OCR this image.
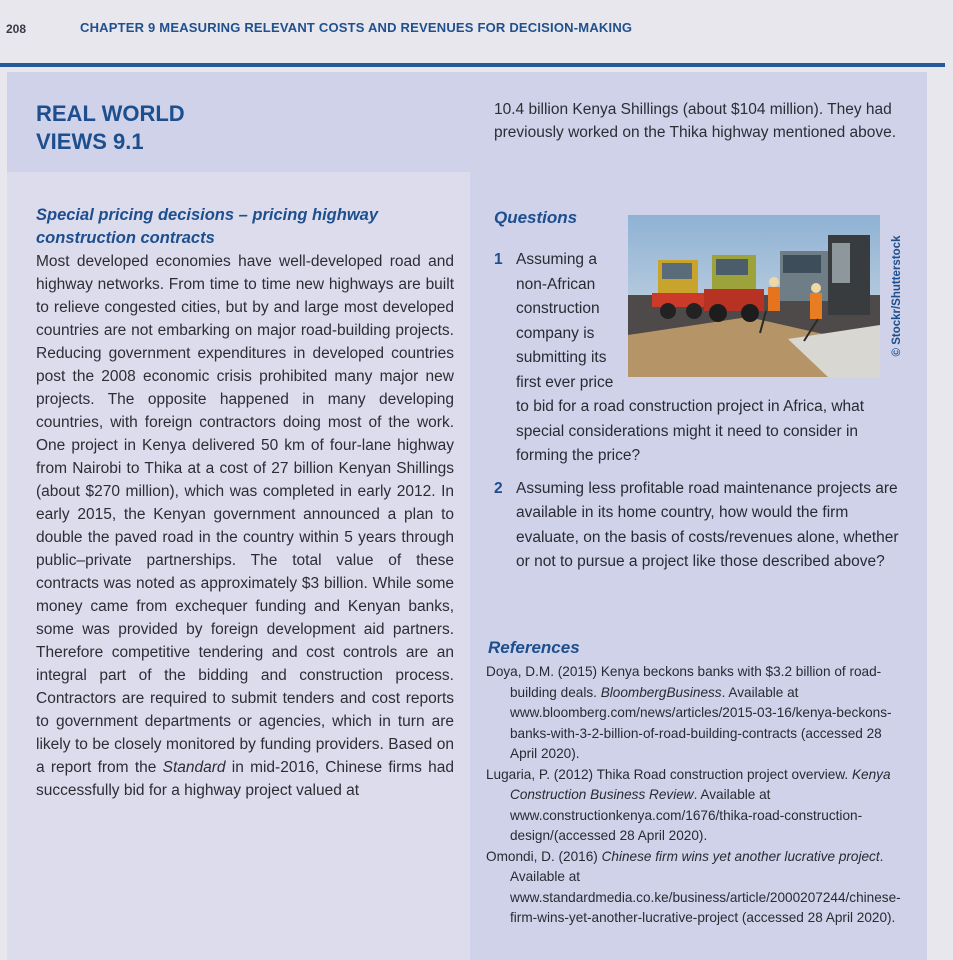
208	CHAPTER 9 MEASURING RELEVANT COSTS AND REVENUES FOR DECISION-MAKING
REAL WORLD
VIEWS 9.1
Special pricing decisions – pricing highway construction contracts
Most developed economies have well-developed road and highway networks. From time to time new highways are built to relieve congested cities, but by and large most developed countries are not embarking on major road-building projects. Reducing government expenditures in developed countries post the 2008 economic crisis prohibited many major new projects. The opposite happened in many developing countries, with foreign contractors doing most of the work. One project in Kenya delivered 50 km of four-lane highway from Nairobi to Thika at a cost of 27 billion Kenyan Shillings (about $270 million), which was completed in early 2012. In early 2015, the Kenyan government announced a plan to double the paved road in the country within 5 years through public–private partnerships. The total value of these contracts was noted as approximately $3 billion. While some money came from exchequer funding and Kenyan banks, some was provided by foreign development aid partners. Therefore competitive tendering and cost controls are an integral part of the bidding and construction process. Contractors are required to submit tenders and cost reports to government departments or agencies, which in turn are likely to be closely monitored by funding providers. Based on a report from the Standard in mid-2016, Chinese firms had successfully bid for a highway project valued at
10.4 billion Kenya Shillings (about $104 million). They had previously worked on the Thika highway mentioned above.
Questions
© Stockr/Shutterstock
1 Assuming a non-African construction company is submitting its first ever price to bid for a road construction project in Africa, what special considerations might it need to consider in forming the price?
2 Assuming less profitable road maintenance projects are available in its home country, how would the firm evaluate, on the basis of costs/revenues alone, whether or not to pursue a project like those described above?
References
Doya, D.M. (2015) Kenya beckons banks with $3.2 billion of road-building deals. BloombergBusiness. Available at www.bloomberg.com/news/articles/2015-03-16/kenya-beckons-banks-with-3-2-billion-of-road-building-contracts (accessed 28 April 2020).
Lugaria, P. (2012) Thika Road construction project overview. Kenya Construction Business Review. Available at www.constructionkenya.com/1676/thika-road-construction-design/(accessed 28 April 2020).
Omondi, D. (2016) Chinese firm wins yet another lucrative project. Available at www.standardmedia.co.ke/business/article/2000207244/chinese-firm-wins-yet-another-lucrative-project (accessed 28 April 2020).
